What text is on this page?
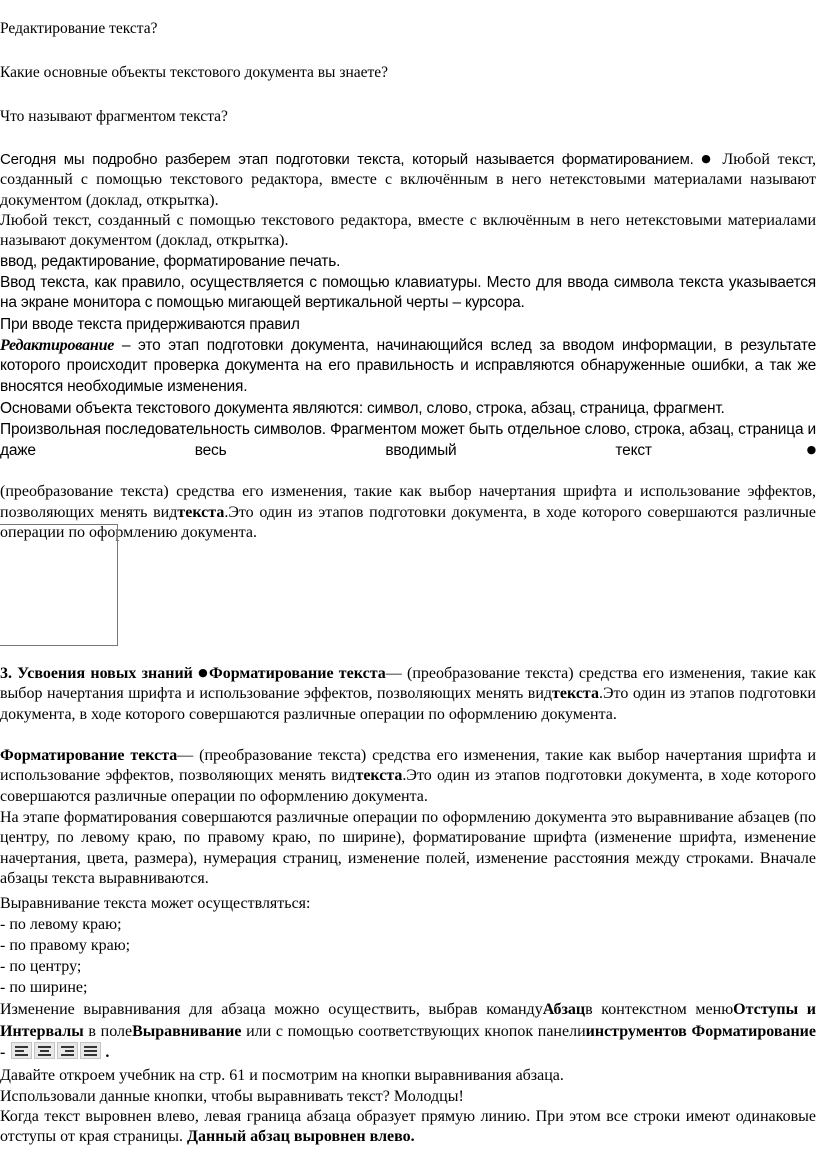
Редактирование текста?

Какие основные объекты текстового документа вы знаете?

Что называют фрагментом текста?

Сегодня мы подробно разберем этап подготовки текста, который называется форматированием. ● Любой текст, созданный с помощью текстового редактора, вместе с включённым в него нетекстовыми материалами называют документом (доклад, открытка).

Любой текст, созданный с помощью текстового редактора, вместе с включённым в него нетекстовыми материалами называют документом (доклад, открытка).

ввод, редактирование, форматирование печать.

Ввод текста, как правило, осуществляется с помощью клавиатуры. Место для ввода символа текста указывается на экране монитора с помощью мигающей вертикальной черты – курсора.

При вводе текста придерживаются правил

Редактирование – это этап подготовки документа, начинающийся вслед за вводом информации, в результате которого происходит проверка документа на его правильность и исправляются обнаруженные ошибки, а так же вносятся необходимые изменения.

Основами объекта текстового документа являются: символ, слово, строка, абзац, страница, фрагмент.

Произвольная последовательность символов. Фрагментом может быть отдельное слово, строка, абзац, страница и даже весь вводимый текст●
(преобразование текста) средства его изменения, такие как выбор начертания шрифта и использование эффектов, позволяющих менять видтекста.Это один из этапов подготовки документа, в ходе которого совершаются различные операции по оформлению документа.

3. Усвоения новых знаний ●Форматирование текста— (преобразование текста) средства его изменения, такие как выбор начертания шрифта и использование эффектов, позволяющих менять видтекста.Это один из этапов подготовки документа, в ходе которого совершаются различные операции по оформлению документа.

Форматирование текста— (преобразование текста) средства его изменения, такие как выбор начертания шрифта и использование эффектов, позволяющих менять видтекста.Это один из этапов подготовки документа, в ходе которого совершаются различные операции по оформлению документа.

На этапе форматирования совершаются различные операции по оформлению документа это выравнивание абзацев (по центру, по левому краю, по правому краю, по ширине), форматирование шрифта (изменение шрифта, изменение начертания, цвета, размера), нумерация страниц, изменение полей, изменение расстояния между строками. Вначале абзацы текста выравниваются.

Выравнивание текста может осуществляться:

- по левому краю;

- по правому краю;

- по центру;

- по ширине;

Изменение выравнивания для абзаца можно осуществить, выбрав командуАбзацв контекстном менюОтступы и Интервалы в полеВыравнивание или с помощью соответствующих кнопок панелиинструментов Форматирование -	.

Давайте откроем учебник на стр. 61 и посмотрим на кнопки выравнивания абзаца.

Использовали данные кнопки, чтобы выравнивать текст? Молодцы!

Когда текст выровнен влево, левая граница абзаца образует прямую линию. При этом все строки имеют одинаковые отступы от края страницы. Данный абзац выровнен влево.
